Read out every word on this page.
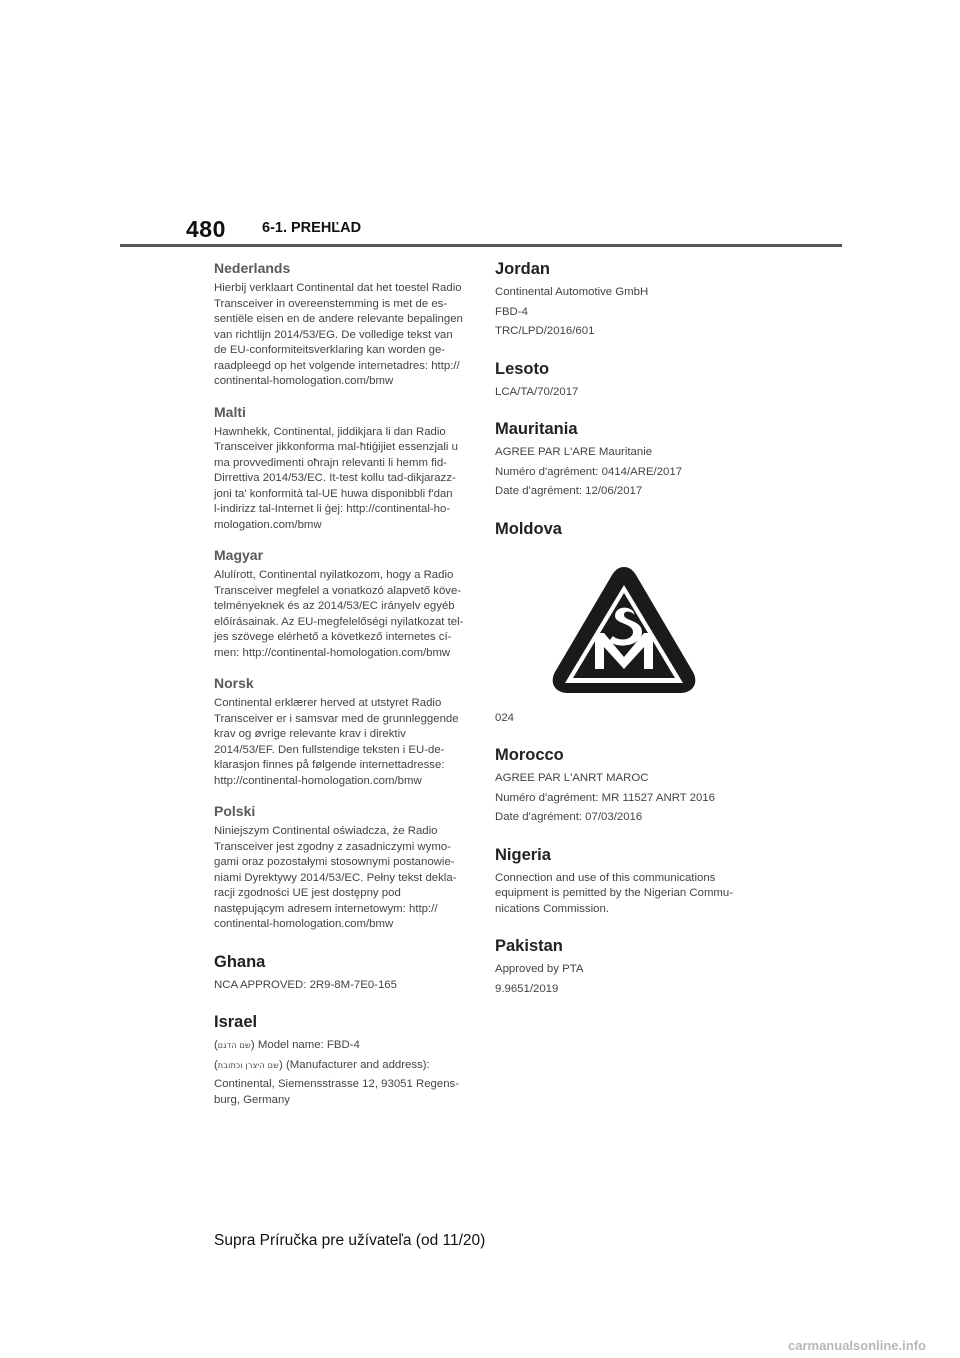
480 6-1. PREHĽAD
Nederlands

Hierbij verklaart Continental dat het toestel Radio
Transceiver in overeenstemming is met de es-
sentiële eisen en de andere relevante bepalingen
van richtlijn 2014/53/EG. De volledige tekst van
de EU-conformiteitsverklaring kan worden ge-
raadpleegd op het volgende internetadres: http://
continental-homologation.com/bmw

Malti

Hawnhekk, Continental, jiddikjara li dan Radio
Transceiver jikkonforma mal-ħtiġijiet essenzjali u
ma provvedimenti oħrajn relevanti li hemm fid-
Dirrettiva 2014/53/EC. It-test kollu tad-dikjarazz-
joni ta' konformità tal-UE huwa disponibbli f'dan
l-indirizz tal-Internet li ġej: http://continental-ho-
mologation.com/bmw

Magyar

Alulírott, Continental nyilatkozom, hogy a Radio
Transceiver megfelel a vonatkozó alapvető köve-
telményeknek és az 2014/53/EC irányelv egyéb
előírásainak. Az EU-megfelelőségi nyilatkozat tel-
jes szövege elérhető a következő internetes cí-
men: http://continental-homologation.com/bmw

Norsk

Continental erklærer herved at utstyret Radio
Transceiver er i samsvar med de grunnleggende
krav og øvrige relevante krav i direktiv
2014/53/EF. Den fullstendige teksten i EU-de-
klarasjon finnes på følgende internettadresse:
http://continental-homologation.com/bmw

Polski

Niniejszym Continental oświadcza, że Radio
Transceiver jest zgodny z zasadniczymi wymo-
gami oraz pozostałymi stosownymi postanowie-
niami Dyrektywy 2014/53/EC. Pełny tekst dekla-
racji zgodności UE jest dostępny pod
następującym adresem internetowym: http://
continental-homologation.com/bmw

Ghana

NCA APPROVED: 2R9-8M-7E0-165

Israel

(שם הדגם) Model name: FBD-4

(שם היצרן וכתובת) (Manufacturer and address):

Continental, Siemensstrasse 12, 93051 Regens-
burg, Germany

Jordan

Continental Automotive GmbH

FBD-4

TRC/LPD/2016/601

Lesoto

LCA/TA/70/2017

Mauritania

AGREE PAR L'ARE Mauritanie

Numéro d'agrément: 0414/ARE/2017

Date d'agrément: 12/06/2017

Moldova

024

Morocco

AGREE PAR L'ANRT MAROC

Numéro d'agrément: MR 11527 ANRT 2016

Date d'agrément: 07/03/2016

Nigeria

Connection and use of this communications
equipment is pemitted by the Nigerian Commu-
nications Commission.

Pakistan

Approved by PTA

9.9651/2019

Supra Príručka pre užívateľa (od 11/20)
carmanualsonline.info
